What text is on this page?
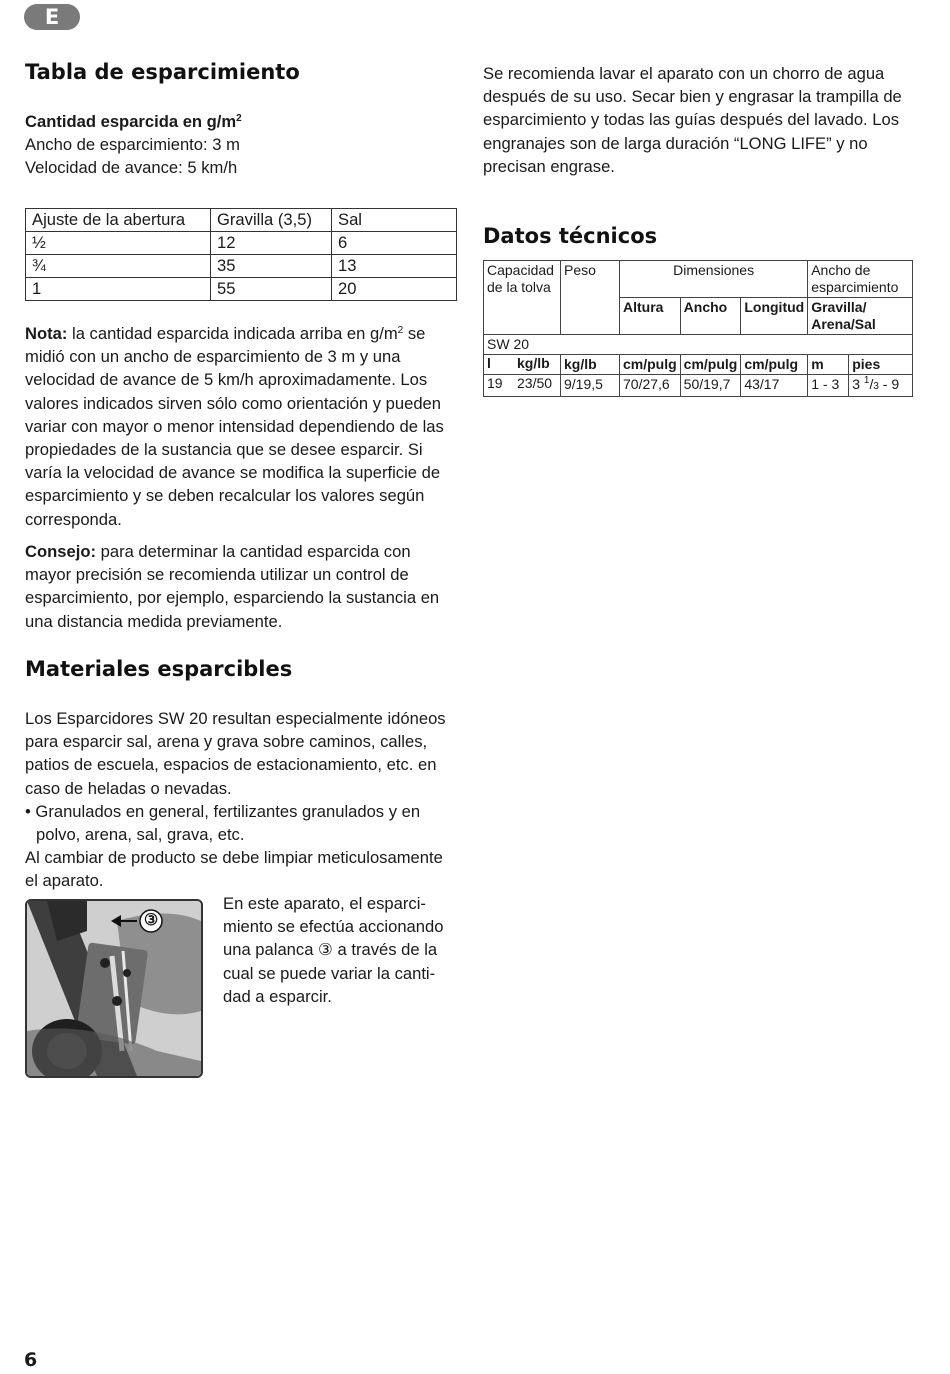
E
Tabla de esparcimiento

Cantidad esparcida en $g/m^2$

Ancho de esparcimiento: 3 m

Velocidad de avance: 5 km/h

Ajuste de la abertura	Gravilla (3,5)	Sal
½	12	6
¾	35	13
1	55	20

Nota: la cantidad esparcida indicada arriba en $g/m^2$ se midió con un ancho de esparcimiento de 3 m y una velocidad de avance de 5 km/h aproximadamente. Los valores indicados sirven sólo como orientación y pueden variar con mayor o menor intensidad dependiendo de las propiedades de la sustancia que se desee esparcir. Si varía la velocidad de avance se modifica la superficie de esparcimiento y se deben recalcular los valores según corresponda.

Consejo: para determinar la cantidad esparcida con mayor precisión se recomienda utilizar un control de esparcimiento, por ejemplo, esparciendo la sustancia en una distancia medida previamente.

Materiales esparcibles

Los Esparcidores SW 20 resultan especialmente idóneos para esparcir sal, arena y grava sobre caminos, calles, patios de escuela, espacios de estacionamiento, etc. en caso de heladas o nevadas.

• Granulados en general, fertilizantes granulados y en polvo, arena, sal, grava, etc.

Al cambiar de producto se debe limpiar meticulosamente el aparato.

③
En este aparato, el esparci-miento se efectúa accionando una palanca ③ a través de la cual se puede variar la canti-dad a esparcir.
Se recomienda lavar el aparato con un chorro de agua después de su uso. Secar bien y engrasar la trampilla de esparcimiento y todas las guías después del lavado. Los engranajes son de larga duración “LONG LIFE” y no precisan engrase.
Datos técnicos
Capacidad de la tolva	Peso	Dimensiones			Ancho de esparcimiento	
		Altura	Ancho	Longitud	Gravilla/ Arena/Sal	
SW 20						

l kg/lb	kg/lb	cm/pulg	cm/pulg	cm/pulg	m	pies

19 23/50	9/19,5	70/27,6	50/19,7	43/17	1 - 3	3 $^1$/3 - 9
6
